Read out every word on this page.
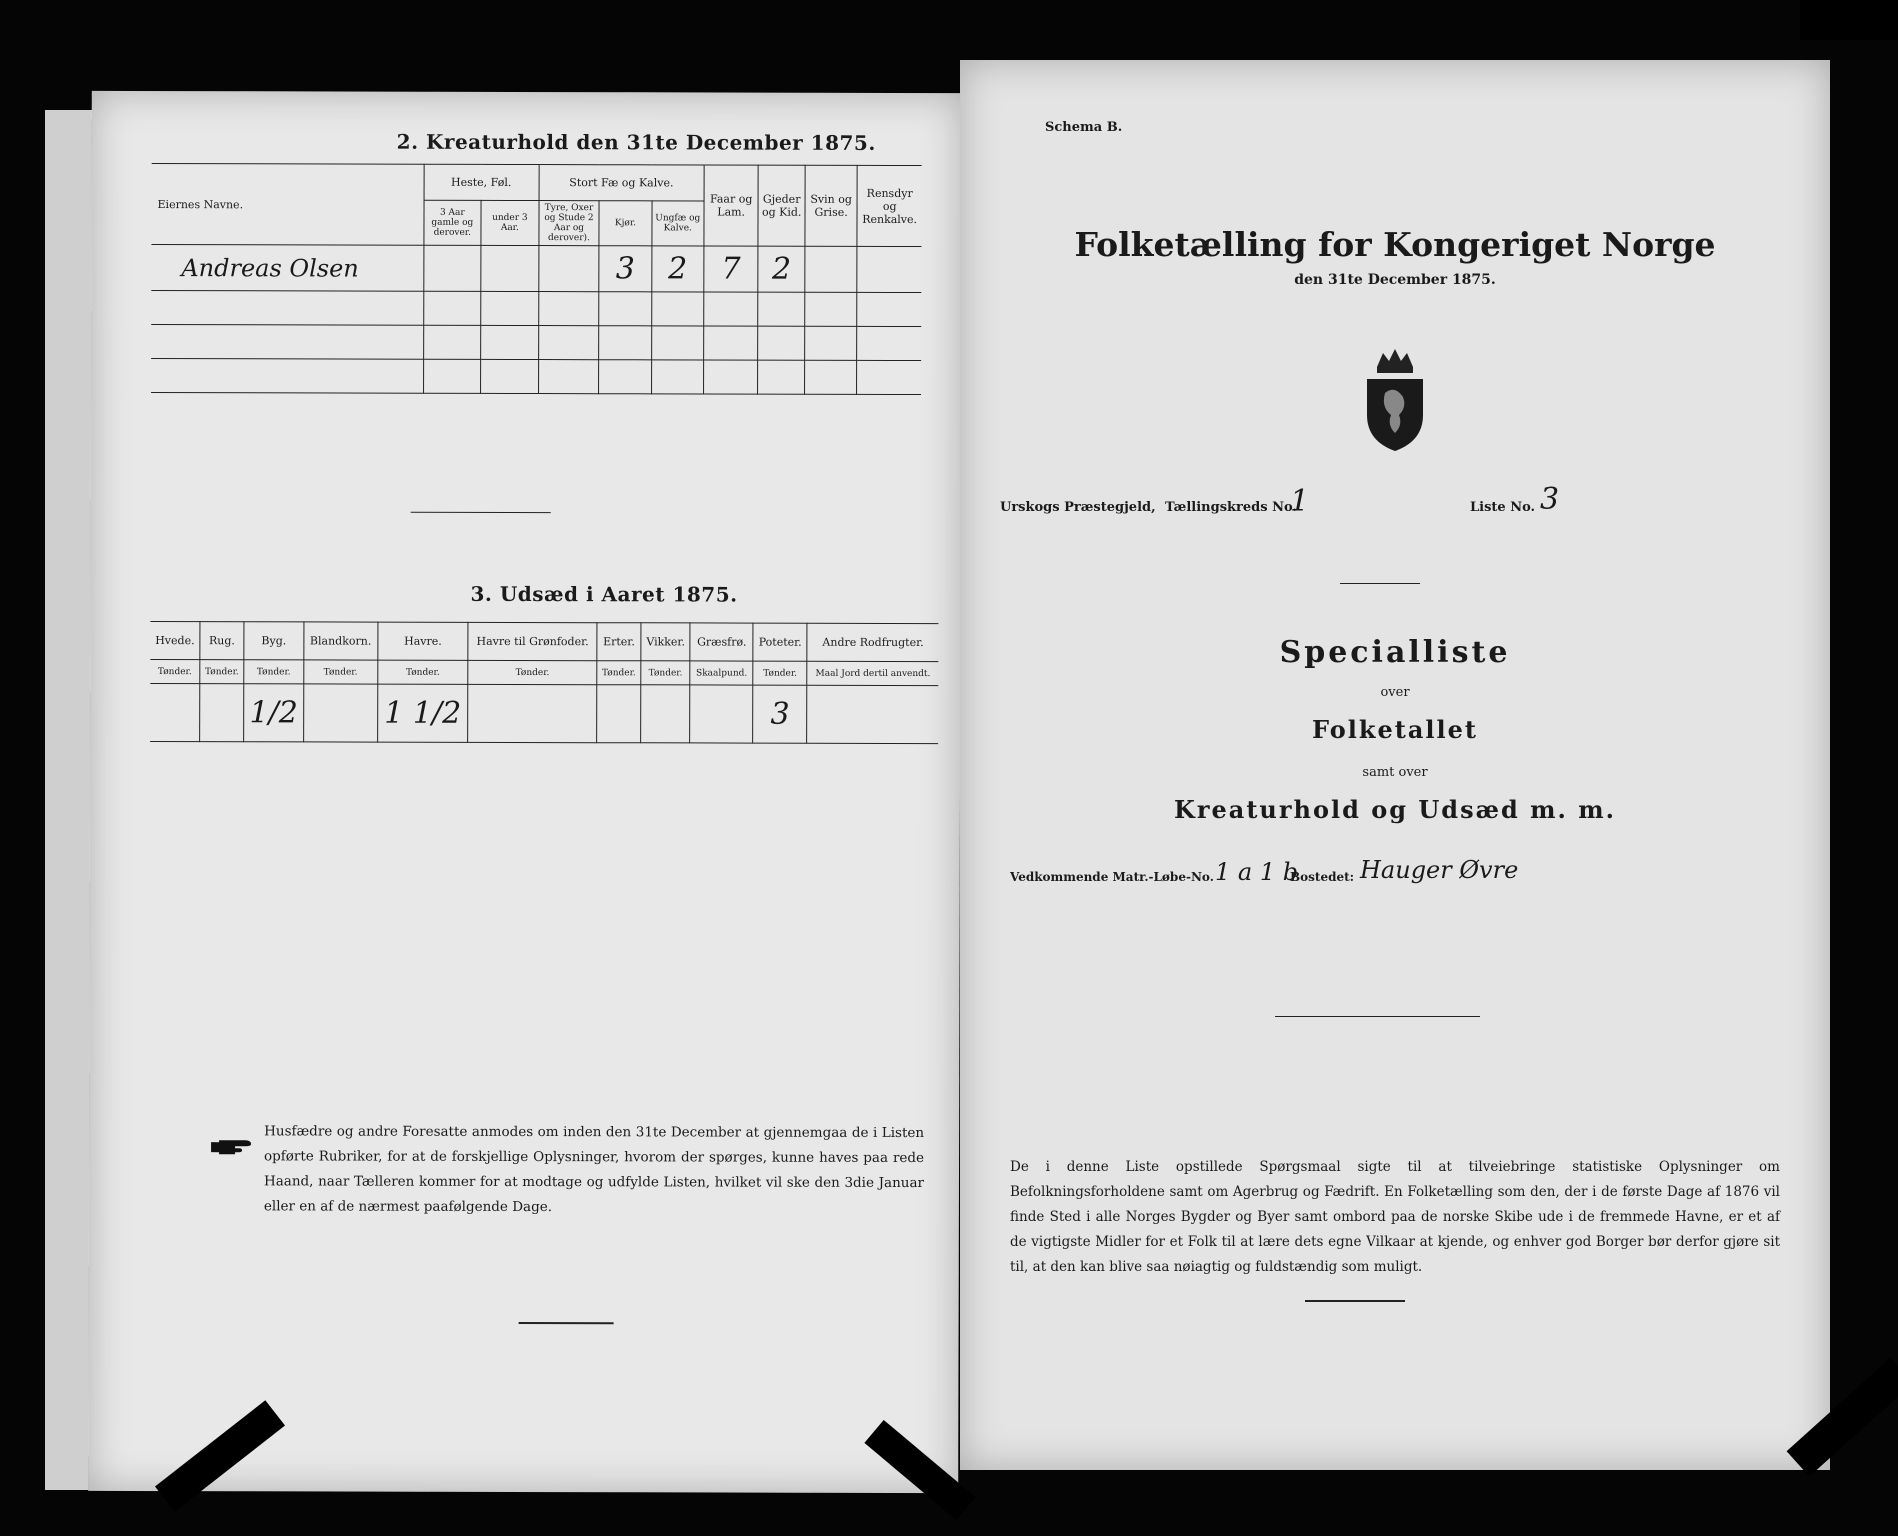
2. Kreaturhold den 31te December 1875.
Eiernes Navne.	Heste, Føl.		Stort Fæ og Kalve.			Faar og Lam.	Gjeder og Kid.	Svin og Grise.	Rensdyr og Renkalve.
	3 Aar gamle og derover.	under 3 Aar.	Tyre, Oxer og Stude 2 Aar og derover).	Kjør.	Ungfæ og Kalve.				
Andreas Olsen				3	2	7	2		

3. Udsæd i Aaret 1875.
Hvede.	Rug.	Byg.	Blandkorn.	Havre.	Havre til Grønfoder.	Erter.	Vikker.	Græsfrø.	Poteter.	Andre Rodfrugter.
Tønder.	Tønder.	Tønder.	Tønder.	Tønder.	Tønder.	Tønder.	Tønder.	Skaalpund.	Tønder.	Maal Jord dertil anvendt.
		1/2		1 1/2					3	
Husfædre og andre Foresatte anmodes om inden den 31te December at gjennemgaa de i Listen opførte Rubriker, for at de forskjellige Oplysninger, hvorom der spørges, kunne haves paa rede Haand, naar Tælleren kommer for at modtage og udfylde Listen, hvilket vil ske den 3die Januar eller en af de nærmest paafølgende Dage.
Schema B.
Folketælling for Kongeriget Norge
den 31te December 1875.
Urskogs Præstegjeld, Tællingskreds No.
1	Liste No. 3
Specialliste
over
Folketallet
samt over
Kreaturhold og Udsæd m. m.
Vedkommende Matr.-Løbe-No. 1 a 1 b
Bostedet: Hauger Øvre
De i denne Liste opstillede Spørgsmaal sigte til at tilveiebringe statistiske Oplysninger om Befolkningsforholdene samt om Agerbrug og Fædrift. En Folketælling som den, der i de første Dage af 1876 vil finde Sted i alle Norges Bygder og Byer samt ombord paa de norske Skibe ude i de fremmede Havne, er et af de vigtigste Midler for et Folk til at lære dets egne Vilkaar at kjende, og enhver god Borger bør derfor gjøre sit til, at den kan blive saa nøiagtig og fuldstændig som muligt.
